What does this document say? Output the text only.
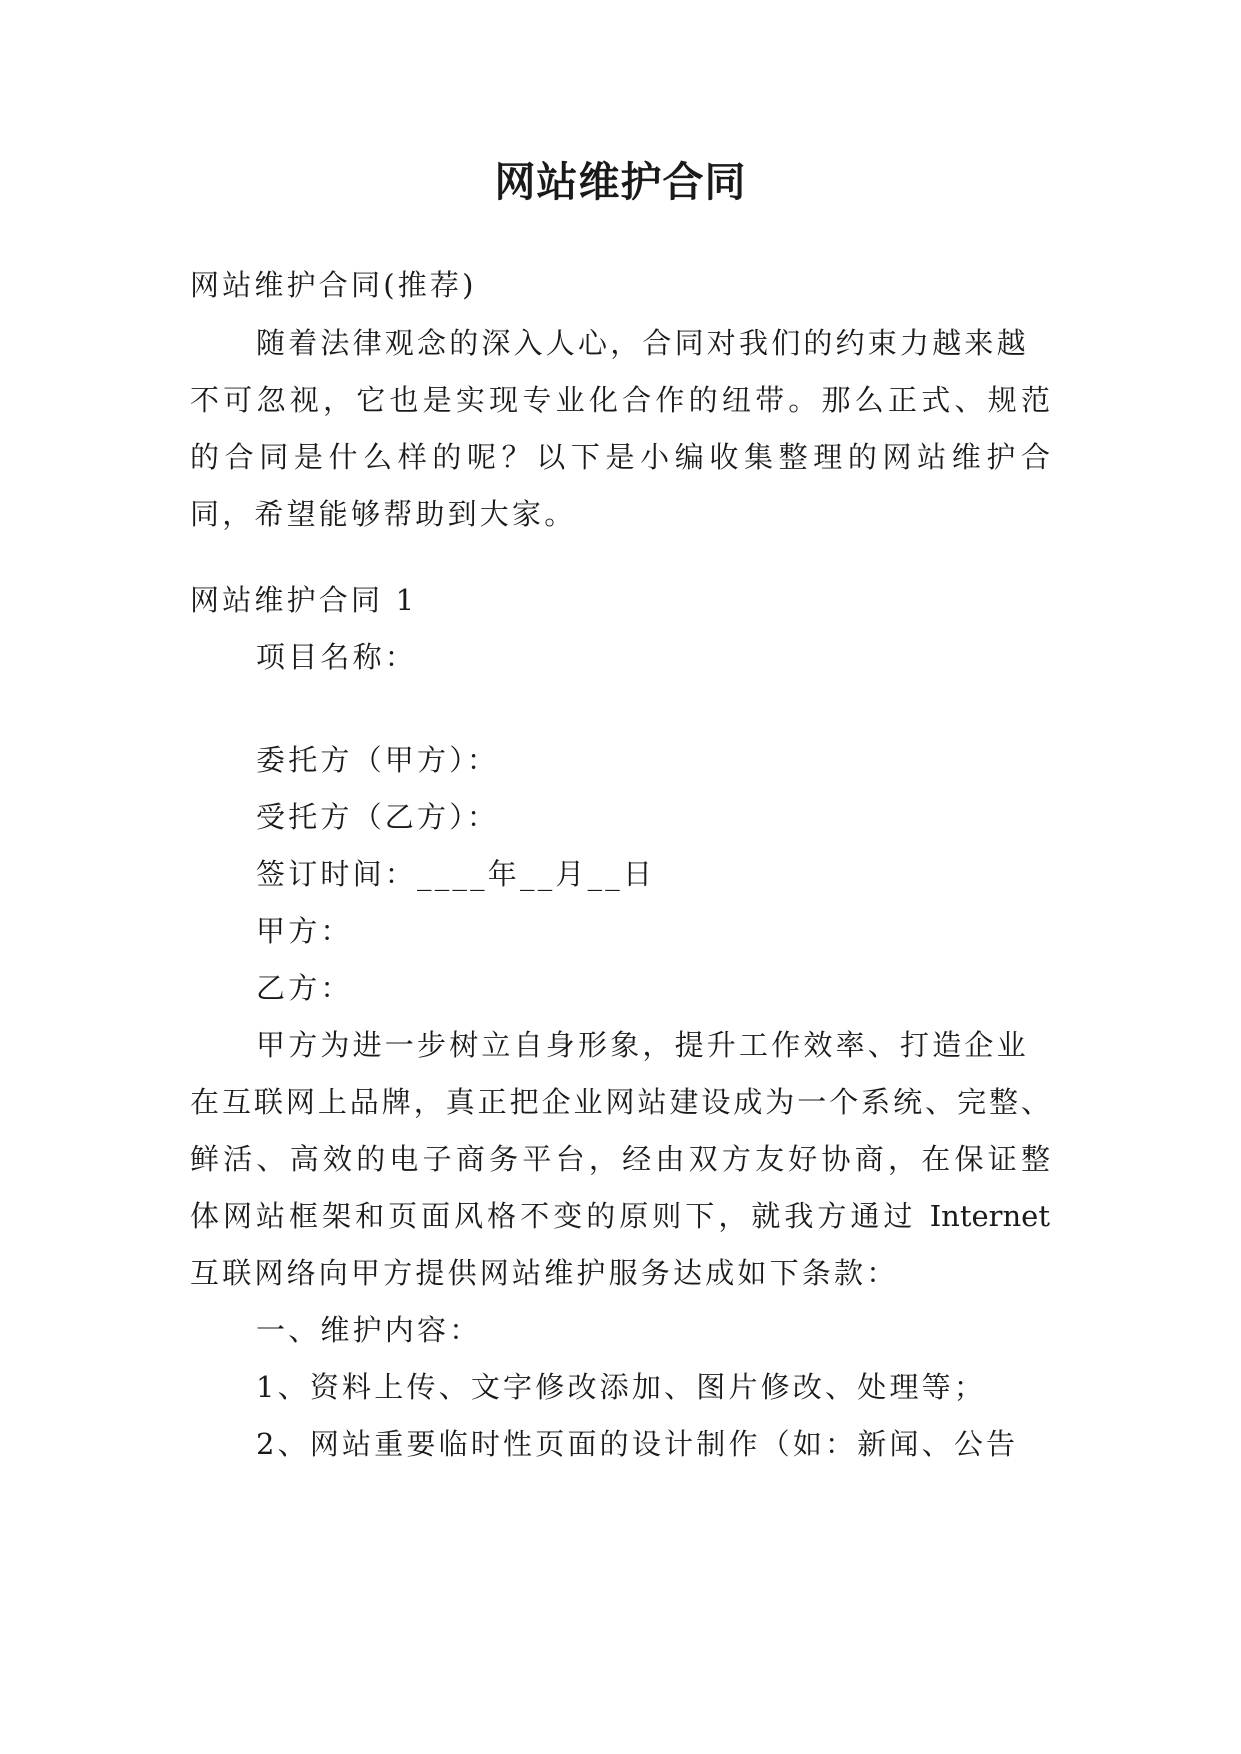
网站维护合同
网站维护合同(推荐)
随着法律观念的深入人心，合同对我们的约束力越来越
不可忽视，它也是实现专业化合作的纽带。那么正式、规范
的合同是什么样的呢？以下是小编收集整理的网站维护合
同，希望能够帮助到大家。
网站维护合同 1
项目名称：
委托方（甲方）：
受托方（乙方）：
签订时间：____年__月__日
甲方：
乙方：
甲方为进一步树立自身形象，提升工作效率、打造企业
在互联网上品牌，真正把企业网站建设成为一个系统、完整、
鲜活、高效的电子商务平台，经由双方友好协商，在保证整
体网站框架和页面风格不变的原则下，就我方通过 Internet
互联网络向甲方提供网站维护服务达成如下条款：
一、维护内容：
1、资料上传、文字修改添加、图片修改、处理等；
2、网站重要临时性页面的设计制作（如：新闻、公告
